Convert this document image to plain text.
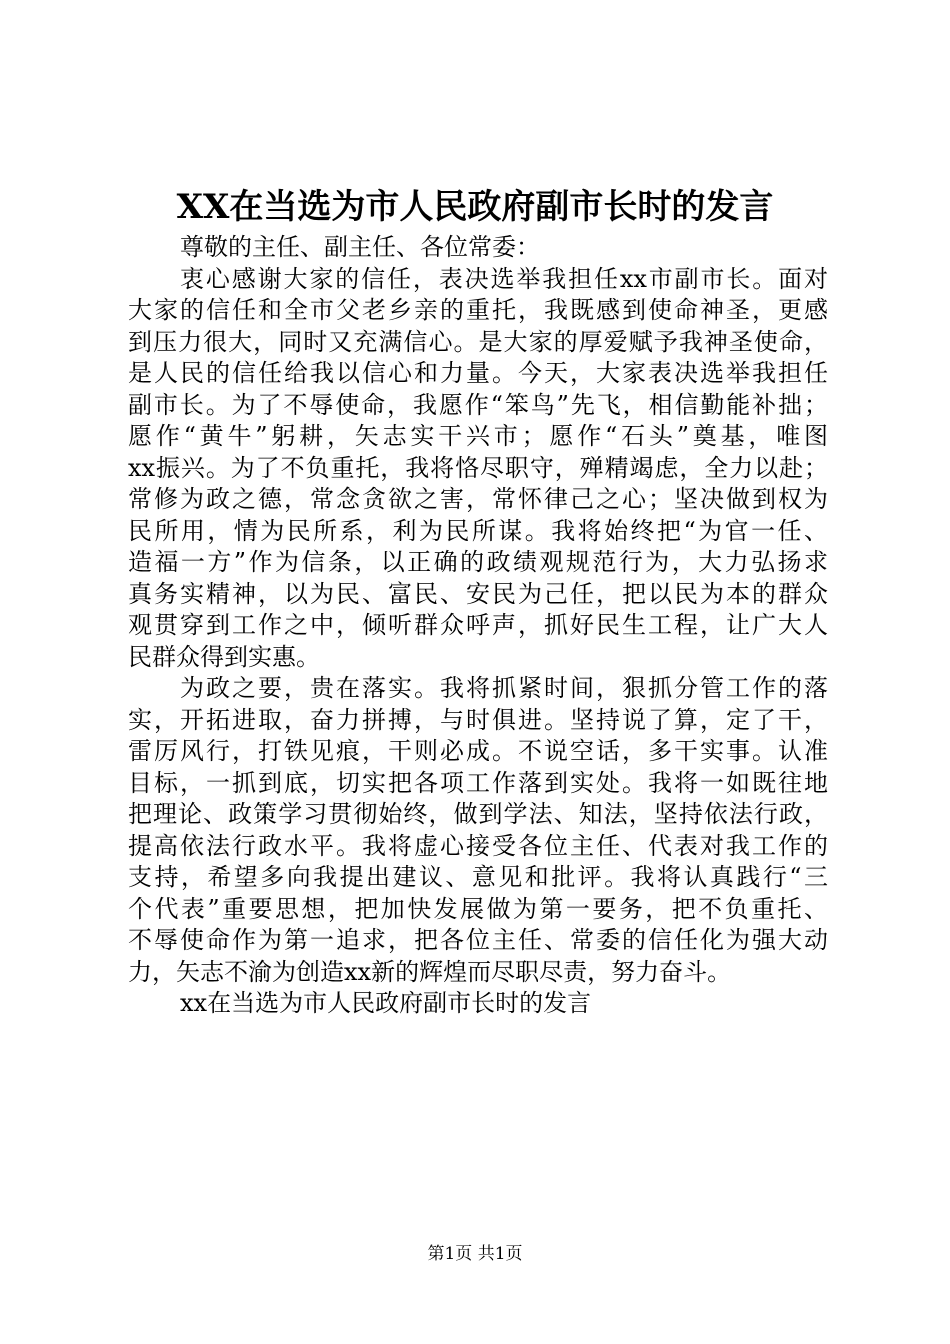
XX在当选为市人民政府副市长时的发言
尊敬的主任、副主任、各位常委：
衷心感谢大家的信任，表决选举我担任xx市副市长。面对
大家的信任和全市父老乡亲的重托，我既感到使命神圣，更感
到压力很大，同时又充满信心。是大家的厚爱赋予我神圣使命，
是人民的信任给我以信心和力量。今天，大家表决选举我担任
副市长。为了不辱使命，我愿作“笨鸟”先飞，相信勤能补拙；
愿作“黄牛”躬耕，矢志实干兴市；愿作“石头”奠基，唯图
xx振兴。为了不负重托，我将恪尽职守，殚精竭虑，全力以赴；
常修为政之德，常念贪欲之害，常怀律己之心；坚决做到权为
民所用，情为民所系，利为民所谋。我将始终把“为官一任、
造福一方”作为信条，以正确的政绩观规范行为，大力弘扬求
真务实精神，以为民、富民、安民为己任，把以民为本的群众
观贯穿到工作之中，倾听群众呼声，抓好民生工程，让广大人
民群众得到实惠。
为政之要，贵在落实。我将抓紧时间，狠抓分管工作的落
实，开拓进取，奋力拼搏，与时俱进。坚持说了算，定了干，
雷厉风行，打铁见痕，干则必成。不说空话，多干实事。认准
目标，一抓到底，切实把各项工作落到实处。我将一如既往地
把理论、政策学习贯彻始终，做到学法、知法，坚持依法行政，
提高依法行政水平。我将虚心接受各位主任、代表对我工作的
支持，希望多向我提出建议、意见和批评。我将认真践行“三
个代表”重要思想，把加快发展做为第一要务，把不负重托、
不辱使命作为第一追求，把各位主任、常委的信任化为强大动
力，矢志不渝为创造xx新的辉煌而尽职尽责，努力奋斗。
xx在当选为市人民政府副市长时的发言
第1页 共1页
